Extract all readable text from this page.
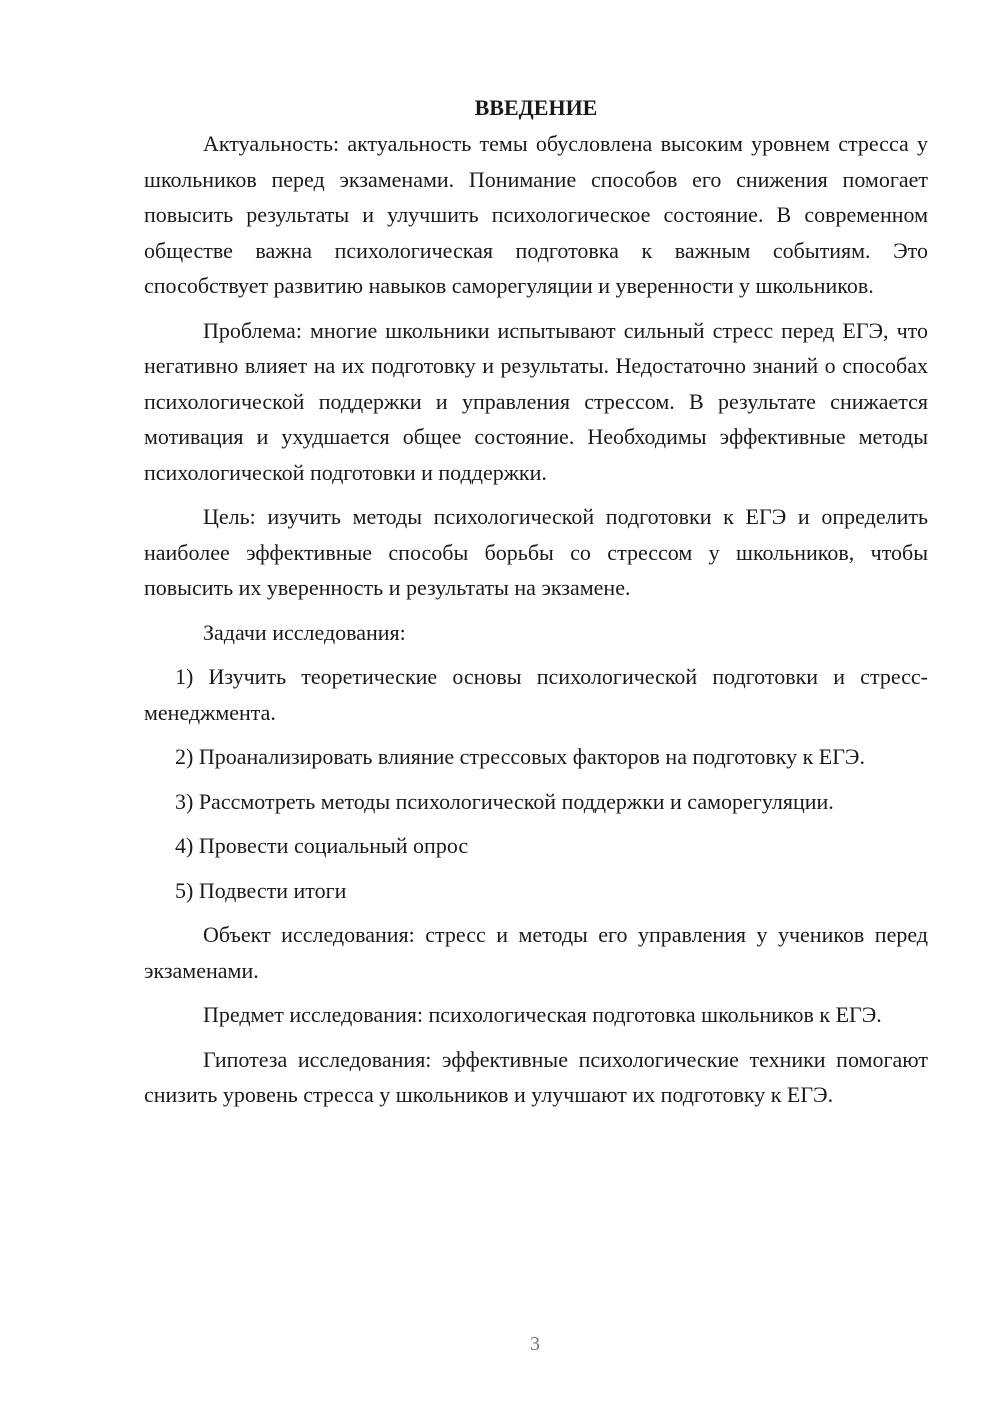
ВВЕДЕНИЕ

Актуальность: актуальность темы обусловлена высоким уровнем стресса у школьников перед экзаменами. Понимание способов его снижения помогает повысить результаты и улучшить психологическое состояние. В современном обществе важна психологическая подготовка к важным событиям. Это способствует развитию навыков саморегуляции и уверенности у школьников.

Проблема: многие школьники испытывают сильный стресс перед ЕГЭ, что негативно влияет на их подготовку и результаты. Недостаточно знаний о способах психологической поддержки и управления стрессом. В результате снижается мотивация и ухудшается общее состояние. Необходимы эффективные методы психологической подготовки и поддержки.

Цель: изучить методы психологической подготовки к ЕГЭ и определить наиболее эффективные способы борьбы со стрессом у школьников, чтобы повысить их уверенность и результаты на экзамене.

Задачи исследования:

1) Изучить теоретические основы психологической подготовки и стресс-менеджмента.

2) Проанализировать влияние стрессовых факторов на подготовку к ЕГЭ.

3) Рассмотреть методы психологической поддержки и саморегуляции.

4) Провести социальный опрос

5) Подвести итоги

Объект исследования: стресс и методы его управления у учеников перед экзаменами.

Предмет исследования: психологическая подготовка школьников к ЕГЭ.

Гипотеза исследования: эффективные психологические техники помогают снизить уровень стресса у школьников и улучшают их подготовку к ЕГЭ.

3
